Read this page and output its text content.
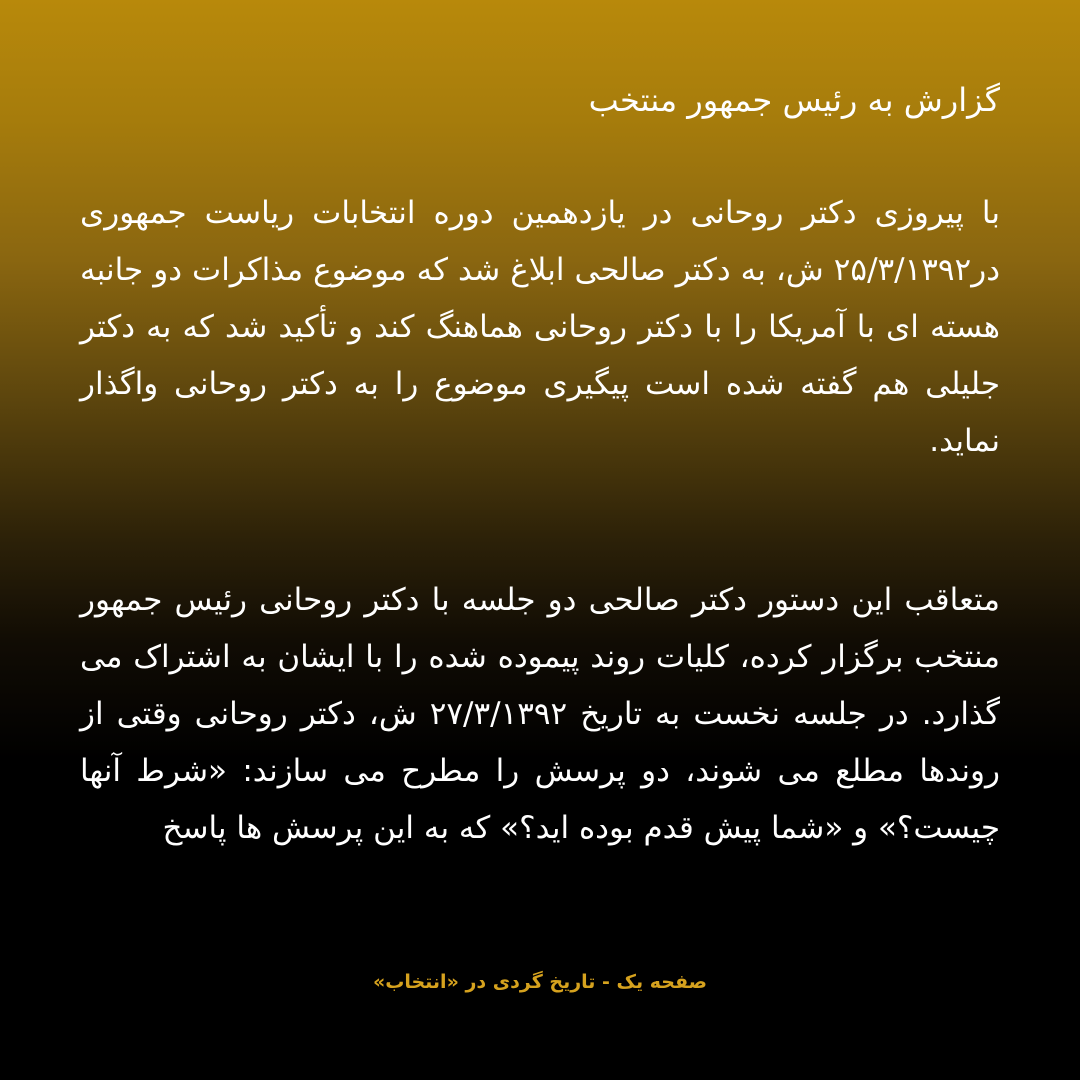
گزارش به رئیس جمهور منتخب

با پیروزی دکتر روحانی در یازدهمین دوره انتخابات ریاست جمهوری در۲۵/۳/۱۳۹۲ ش، به دکتر صالحی ابلاغ شد که موضوع مذاکرات دو جانبه هسته ای با آمریکا را با دکتر روحانی هماهنگ کند و تأکید شد که به دکتر جلیلی هم گفته شده است پیگیری موضوع را به دکتر روحانی واگذار نماید.

متعاقب این دستور دکتر صالحی دو جلسه با دکتر روحانی رئیس جمهور منتخب برگزار کرده، کلیات روند پیموده شده را با ایشان به اشتراک می گذارد. در جلسه نخست به تاریخ ۲۷/۳/۱۳۹۲ ش، دکتر روحانی وقتی از روندها مطلع می شوند، دو پرسش را مطرح می سازند: «شرط آنها چیست؟» و «شما پیش قدم بوده اید؟» که به این پرسش ها پاسخ

صفحه یک - تاریخ گردی در «انتخاب»
